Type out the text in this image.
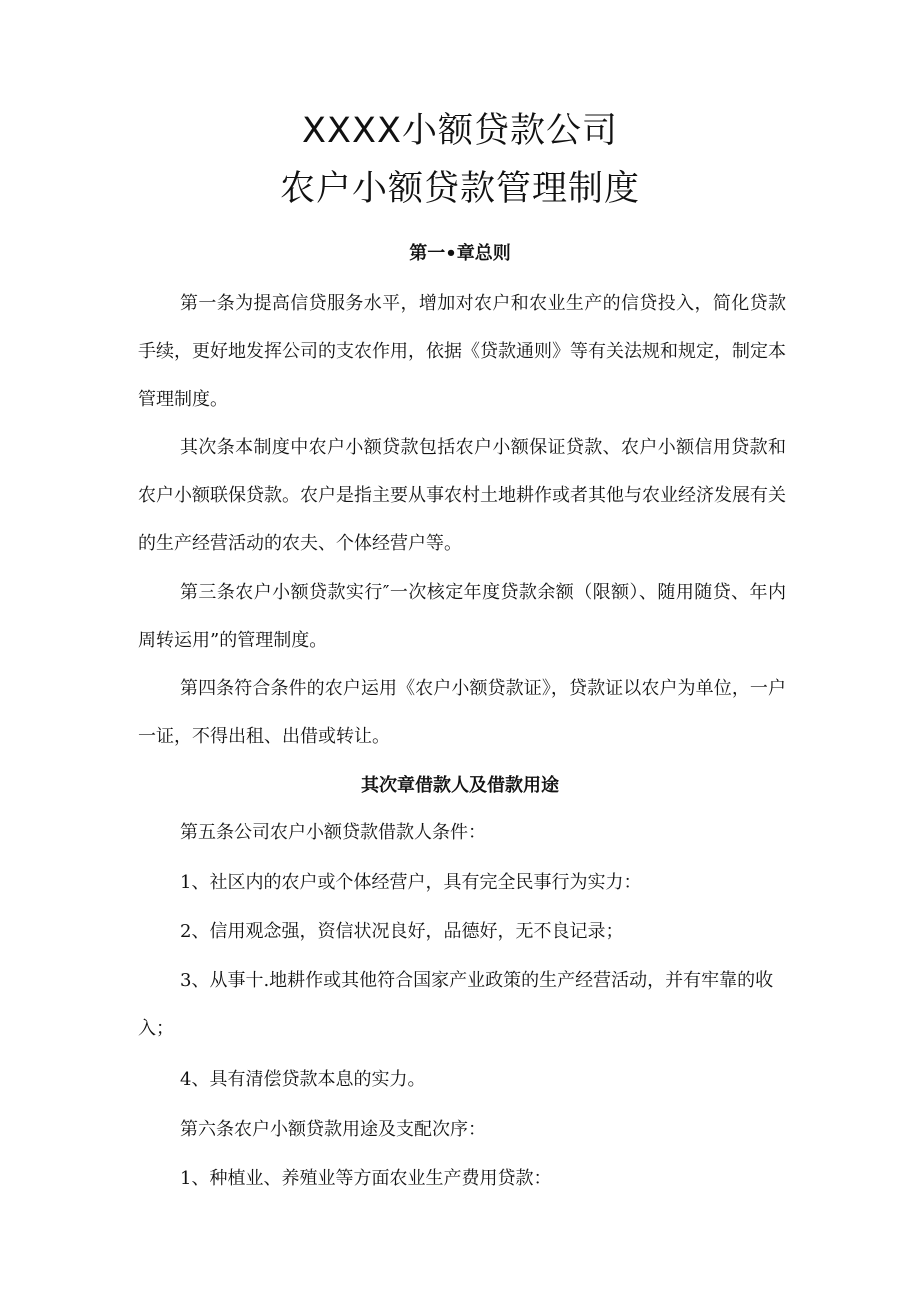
XXXX小额贷款公司
农户小额贷款管理制度
第一•章总则

第一条为提高信贷服务水平，增加对农户和农业生产的信贷投入，简化贷款手续，更好地发挥公司的支农作用，依据《贷款通则》等有关法规和规定，制定本管理制度。

其次条本制度中农户小额贷款包括农户小额保证贷款、农户小额信用贷款和农户小额联保贷款。农户是指主要从事农村土地耕作或者其他与农业经济发展有关的生产经营活动的农夫、个体经营户等。

第三条农户小额贷款实行″一次核定年度贷款余额（限额）、随用随贷、年内周转运用”的管理制度。

第四条符合条件的农户运用《农户小额贷款证》，贷款证以农户为单位，一户一证，不得出租、出借或转让。

其次章借款人及借款用途

第五条公司农户小额贷款借款人条件：

1、社区内的农户或个体经营户，具有完全民事行为实力：

2、信用观念强，资信状况良好，品德好，无不良记录；

3、从事十.地耕作或其他符合国家产业政策的生产经营活动，并有牢靠的收入；

4、具有清偿贷款本息的实力。

第六条农户小额贷款用途及支配次序：

1、种植业、养殖业等方面农业生产费用贷款：
